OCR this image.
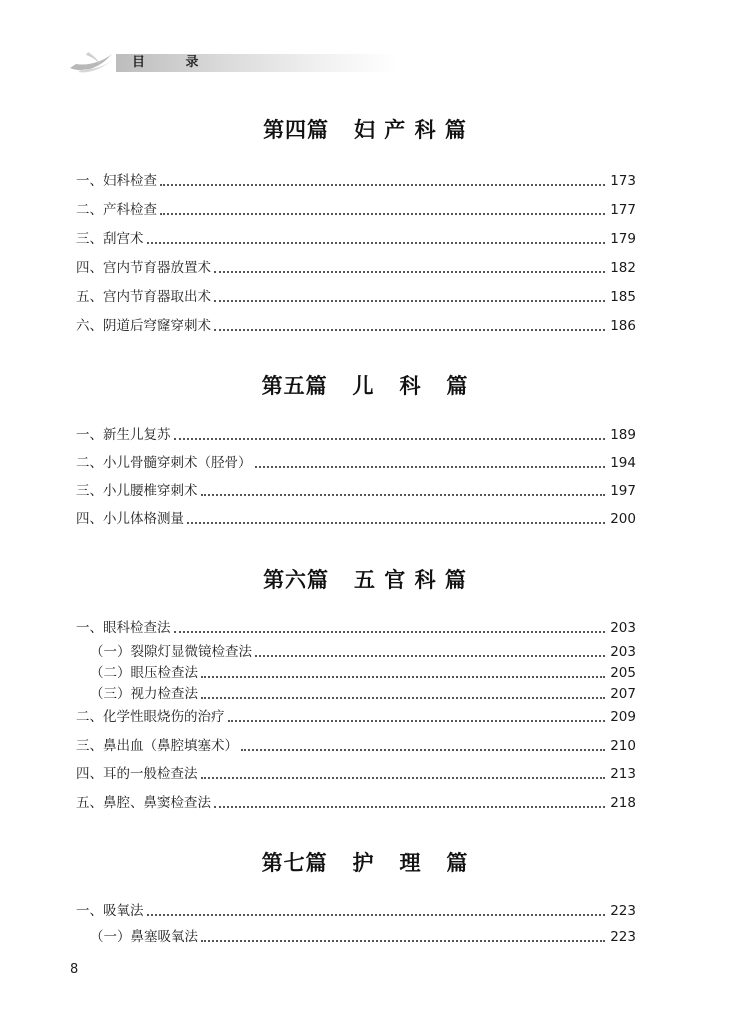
目 录
第四篇   妇 产 科 篇
一、妇科检查	173
二、产科检查	177
三、刮宫术	179
四、宫内节育器放置术	182
五、宫内节育器取出术	185
六、阴道后穹窿穿刺术	186
第五篇   儿   科   篇
一、新生儿复苏	189
二、小儿骨髓穿刺术（胫骨）	194
三、小儿腰椎穿刺术	197
四、小儿体格测量	200
第六篇   五 官 科 篇
一、眼科检查法	203
（一）裂隙灯显微镜检查法	203
（二）眼压检查法	205
（三）视力检查法	207
二、化学性眼烧伤的治疗	209
三、鼻出血（鼻腔填塞术）	210
四、耳的一般检查法	213
五、鼻腔、鼻窦检查法	218
第七篇   护   理   篇
一、吸氧法	223
（一）鼻塞吸氧法	223
8
